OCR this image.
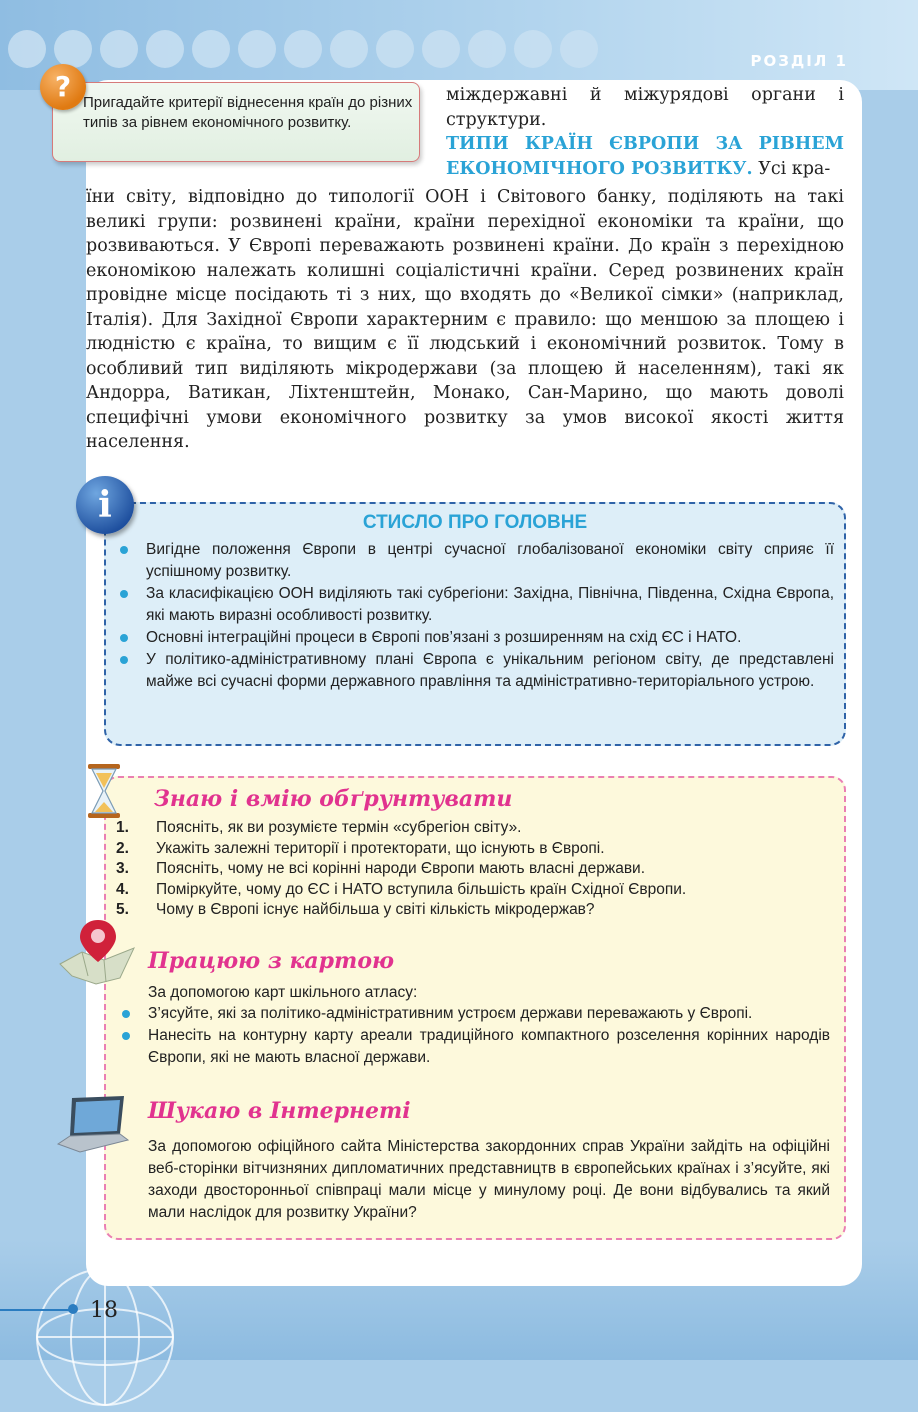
РОЗДІЛ 1
? Пригадайте критерії віднесення країн до різних типів за рівнем економічного розвитку.
міждержавні й міжурядові органи і структури.
ТИПИ КРАЇН ЄВРОПИ ЗА РІВНЕМ ЕКОНОМІЧНОГО РОЗВИТКУ. Усі кра-
їни світу, відповідно до типології ООН і Світового банку, поділяють на такі великі групи: розвинені країни, країни перехідної економіки та країни, що розвиваються. У Європі переважають розвинені країни. До країн з перехідною економікою належать колишні соціалістичні країни. Серед розвинених країн провідне місце посідають ті з них, що входять до «Великої сімки» (наприклад, Італія). Для Західної Європи характерним є правило: що меншою за площею і людністю є країна, то вищим є її людський і економічний розвиток. Тому в особливий тип виділяють мікродержави (за площею й населенням), такі як Андорра, Ватикан, Ліхтенштейн, Монако, Сан-Марино, що мають доволі специфічні умови економічного розвитку за умов високої якості життя населення.
СТИСЛО ПРО ГОЛОВНЕ
Вигідне положення Європи в центрі сучасної глобалізованої економіки світу сприяє її успішному розвитку.
За класифікацією ООН виділяють такі субрегіони: Західна, Північна, Південна, Східна Європа, які мають виразні особливості розвитку.
Основні інтеграційні процеси в Європі пов’язані з розширенням на схід ЄС і НАТО.
У політико-адміністративному плані Європа є унікальним регіоном світу, де представлені майже всі сучасні форми державного правління та адміністративно-територіального устрою.
i
Знаю і вмію обґрунтувати
1. Поясніть, як ви розумієте термін «субрегіон світу».
2. Укажіть залежні території і протекторати, що існують в Європі.
3. Поясніть, чому не всі корінні народи Європи мають власні держави.
4. Поміркуйте, чому до ЄС і НАТО вступила більшість країн Східної Європи.
5. Чому в Європі існує найбільша у світі кількість мікродержав?
Працюю з картою
За допомогою карт шкільного атласу:
З’ясуйте, які за політико-адміністративним устроєм держави переважають у Європі.
Нанесіть на контурну карту ареали традиційного компактного розселення корінних народів Європи, які не мають власної держави.
Шукаю в Інтернеті
За допомогою офіційного сайта Міністерства закордонних справ України зайдіть на офіційні веб-сторінки вітчизняних дипломатичних представництв в європейських країнах і з’ясуйте, які заходи двосторонньої співпраці мали місце у минулому році. Де вони відбувались та який мали наслідок для розвитку України?
18
